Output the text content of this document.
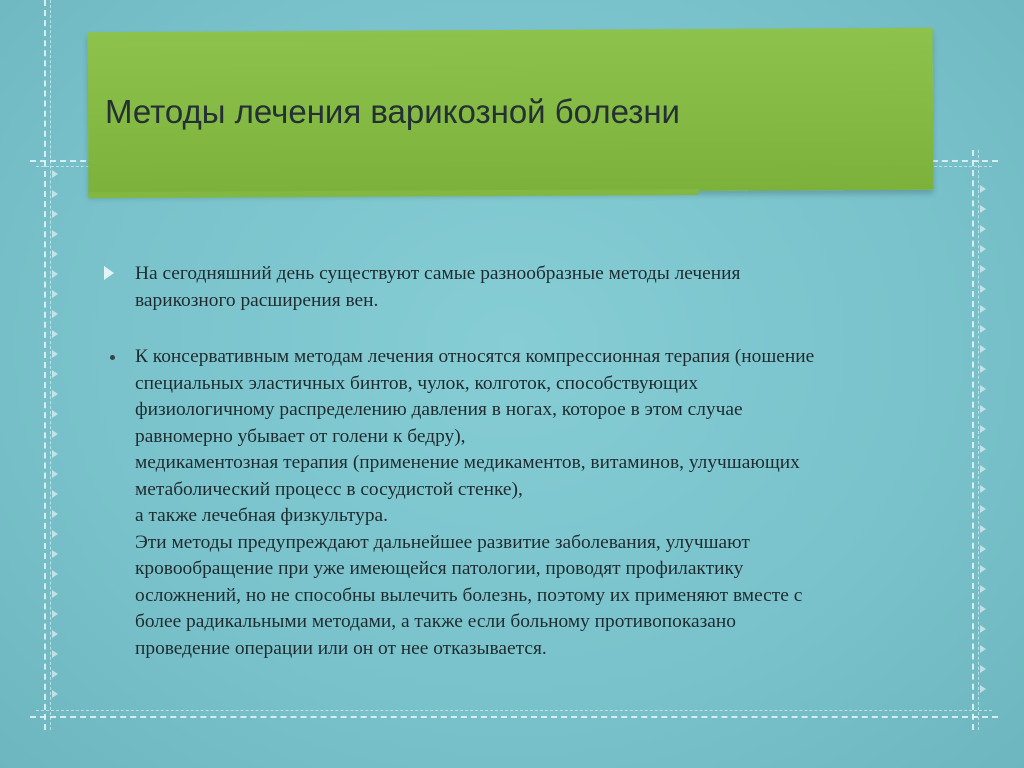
Методы лечения варикозной болезни

На сегодняшний день существуют самые разнообразные методы лечения

варикозного расширения вен.

К консервативным методам лечения относятся компрессионная терапия (ношение

специальных эластичных бинтов, чулок, колготок, способствующих

физиологичному распределению давления в ногах, которое в этом случае

равномерно убывает от голени к бедру),

медикаментозная терапия (применение медикаментов, витаминов, улучшающих

метаболический процесс в сосудистой стенке),

а также лечебная физкультура.

Эти методы предупреждают дальнейшее развитие заболевания, улучшают

кровообращение при уже имеющейся патологии, проводят профилактику

осложнений, но не способны вылечить болезнь, поэтому их применяют вместе с

более радикальными методами, а также если больному противопоказано

проведение операции или он от нее отказывается.
